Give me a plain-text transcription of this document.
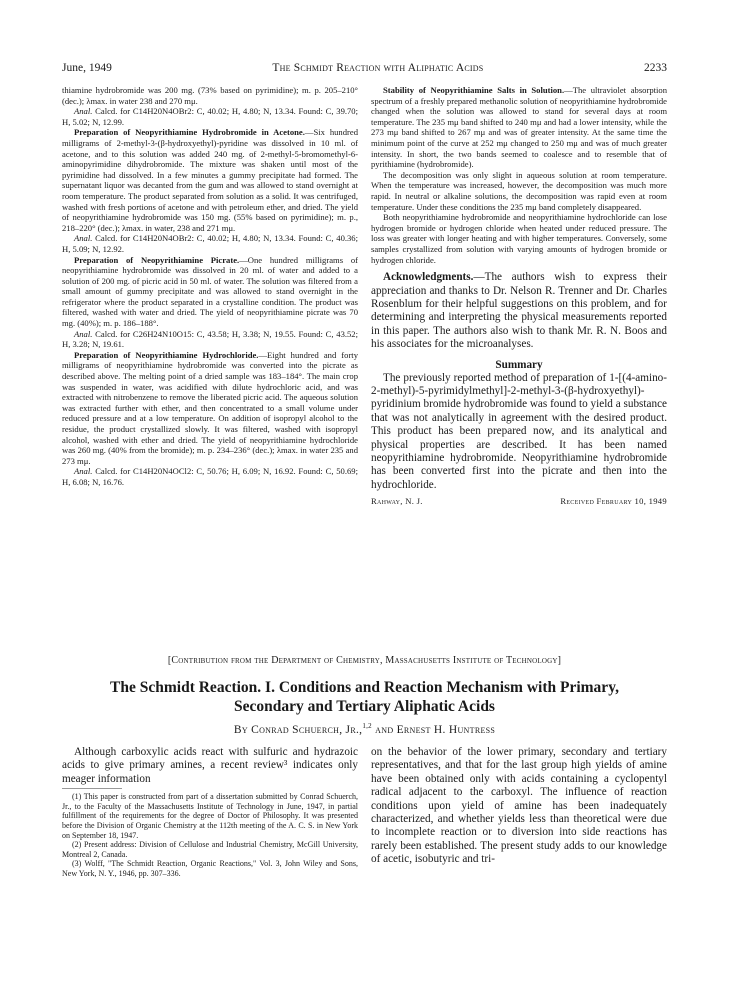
June, 1949	The Schmidt Reaction with Aliphatic Acids	2233

thiamine hydrobromide was 200 mg. (73% based on pyrimidine); m. p. 205–210° (dec.); λmax. in water 238 and 270 mμ.

Anal. Calcd. for C14H20N4OBr2: C, 40.02; H, 4.80; N, 13.34. Found: C, 39.70; H, 5.02; N, 12.99.

Preparation of Neopyrithiamine Hydrobromide in Acetone.—Six hundred milligrams of 2-methyl-3-(β-hydroxyethyl)-pyridine was dissolved in 10 ml. of acetone, and to this solution was added 240 mg. of 2-methyl-5-bromomethyl-6-aminopyrimidine dihydrobromide. The mixture was shaken until most of the pyrimidine had dissolved. In a few minutes a gummy precipitate had formed. The supernatant liquor was decanted from the gum and was allowed to stand overnight at room temperature. The product separated from solution as a solid. It was centrifuged, washed with fresh portions of acetone and with petroleum ether, and dried. The yield of neopyrithiamine hydrobromide was 150 mg. (55% based on pyrimidine); m. p., 218–220° (dec.); λmax. in water, 238 and 271 mμ.

Anal. Calcd. for C14H20N4OBr2: C, 40.02; H, 4.80; N, 13.34. Found: C, 40.36; H, 5.09; N, 12.92.

Preparation of Neopyrithiamine Picrate.—One hundred milligrams of neopyrithiamine hydrobromide was dissolved in 20 ml. of water and added to a solution of 200 mg. of picric acid in 50 ml. of water. The solution was filtered from a small amount of gummy precipitate and was allowed to stand overnight in the refrigerator where the product separated in a crystalline condition. The product was filtered, washed with water and dried. The yield of neopyrithiamine picrate was 70 mg. (40%); m. p. 186–188°.

Anal. Calcd. for C26H24N10O15: C, 43.58; H, 3.38; N, 19.55. Found: C, 43.52; H, 3.28; N, 19.61.

Preparation of Neopyrithiamine Hydrochloride.—Eight hundred and forty milligrams of neopyrithiamine hydrobromide was converted into the picrate as described above. The melting point of a dried sample was 183–184°. The main crop was suspended in water, was acidified with dilute hydrochloric acid, and was extracted with nitrobenzene to remove the liberated picric acid. The aqueous solution was extracted further with ether, and then concentrated to a small volume under reduced pressure and at a low temperature. On addition of isopropyl alcohol to the residue, the product crystallized slowly. It was filtered, washed with isopropyl alcohol, washed with ether and dried. The yield of neopyrithiamine hydrochloride was 260 mg. (40% from the bromide); m. p. 234–236° (dec.); λmax. in water 235 and 273 mμ.

Anal. Calcd. for C14H20N4OCl2: C, 50.76; H, 6.09; N, 16.92. Found: C, 50.69; H, 6.08; N, 16.76.

Stability of Neopyrithiamine Salts in Solution.—The ultraviolet absorption spectrum of a freshly prepared methanolic solution of neopyrithiamine hydrobromide changed when the solution was allowed to stand for several days at room temperature. The 235 mμ band shifted to 240 mμ and had a lower intensity, while the 273 mμ band shifted to 267 mμ and was of greater intensity. At the same time the minimum point of the curve at 252 mμ changed to 250 mμ and was of much greater intensity. In short, the two bands seemed to coalesce and to resemble that of pyrithiamine (hydrobromide).

The decomposition was only slight in aqueous solution at room temperature. When the temperature was increased, however, the decomposition was much more rapid. In neutral or alkaline solutions, the decomposition was rapid even at room temperature. Under these conditions the 235 mμ band completely disappeared.

Both neopyrithiamine hydrobromide and neopyrithiamine hydrochloride can lose hydrogen bromide or hydrogen chloride when heated under reduced pressure. The loss was greater with longer heating and with higher temperatures. Conversely, some samples crystallized from solution with varying amounts of hydrogen bromide or hydrogen chloride.

Acknowledgments.—The authors wish to express their appreciation and thanks to Dr. Nelson R. Trenner and Dr. Charles Rosenblum for their helpful suggestions on this problem, and for determining and interpreting the physical measurements reported in this paper. The authors also wish to thank Mr. R. N. Boos and his associates for the microanalyses.

Summary

The previously reported method of preparation of 1-[(4-amino-2-methyl)-5-pyrimidylmethyl]-2-methyl-3-(β-hydroxyethyl)-pyridinium bromide hydrobromide was found to yield a substance that was not analytically in agreement with the desired product. This product has been prepared now, and its analytical and physical properties are described. It has been named neopyrithiamine hydrobromide. Neopyrithiamine hydrobromide has been converted first into the picrate and then into the hydrochloride.

Rahway, N. J.	Received February 10, 1949
[Contribution from the Department of Chemistry, Massachusetts Institute of Technology]
The Schmidt Reaction. I. Conditions and Reaction Mechanism with Primary,
Secondary and Tertiary Aliphatic Acids
By Conrad Schuerch, Jr.,$^{1,2}$ and Ernest H. Huntress

Although carboxylic acids react with sulfuric and hydrazoic acids to give primary amines, a recent review³ indicates only meager information

(1) This paper is constructed from part of a dissertation submitted by Conrad Schuerch, Jr., to the Faculty of the Massachusetts Institute of Technology in June, 1947, in partial fulfillment of the requirements for the degree of Doctor of Philosophy. It was presented before the Division of Organic Chemistry at the 112th meeting of the A. C. S. in New York on September 18, 1947.

(2) Present address: Division of Cellulose and Industrial Chemistry, McGill University, Montreal 2, Canada.

(3) Wolff, "The Schmidt Reaction, Organic Reactions," Vol. 3, John Wiley and Sons, New York, N. Y., 1946, pp. 307–336.

on the behavior of the lower primary, secondary and tertiary representatives, and that for the last group high yields of amine have been obtained only with acids containing a cyclopentyl radical adjacent to the carboxyl. The influence of reaction conditions upon yield of amine has been inadequately characterized, and whether yields less than theoretical were due to incomplete reaction or to diversion into side reactions has rarely been established. The present study adds to our knowledge of acetic, isobutyric and tri-
